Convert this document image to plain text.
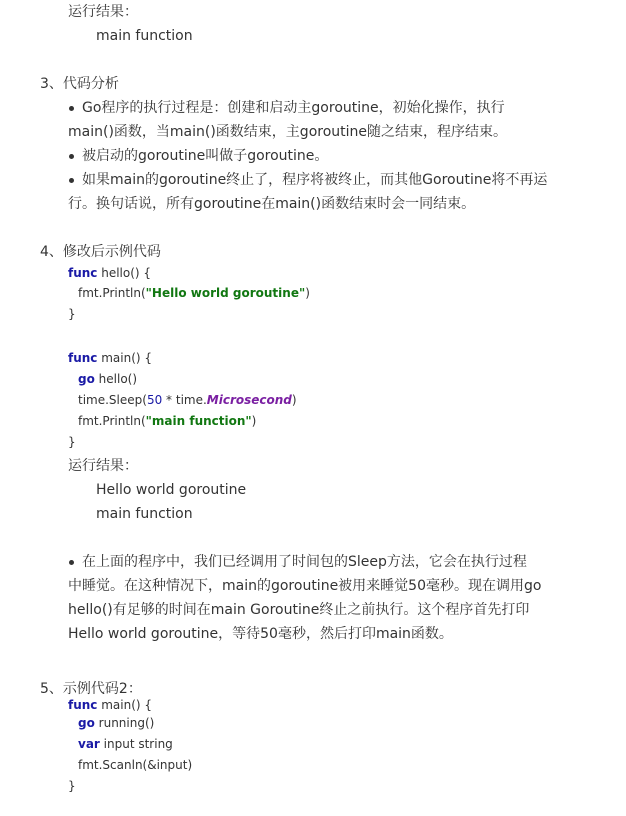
运行结果：
main function
3、代码分析
Go程序的执行过程是：创建和启动主goroutine，初始化操作，执行
main()函数，当main()函数结束，主goroutine随之结束，程序结束。
被启动的goroutine叫做子goroutine。
如果main的goroutine终止了，程序将被终止，而其他Goroutine将不再运
行。换句话说，所有goroutine在main()函数结束时会一同结束。
4、修改后示例代码
func hello() {
fmt.Println("Hello world goroutine")
}
func main() {
go hello()
time.Sleep(50 * time.Microsecond)
fmt.Println("main function")
}
运行结果：
Hello world goroutine
main function
在上面的程序中，我们已经调用了时间包的Sleep方法，它会在执行过程
中睡觉。在这种情况下，main的goroutine被用来睡觉50毫秒。现在调用go
hello()有足够的时间在main Goroutine终止之前执行。这个程序首先打印
Hello world goroutine，等待50毫秒，然后打印main函数。
5、示例代码2：
func main() {
go running()
var input string
fmt.Scanln(&input)
}
